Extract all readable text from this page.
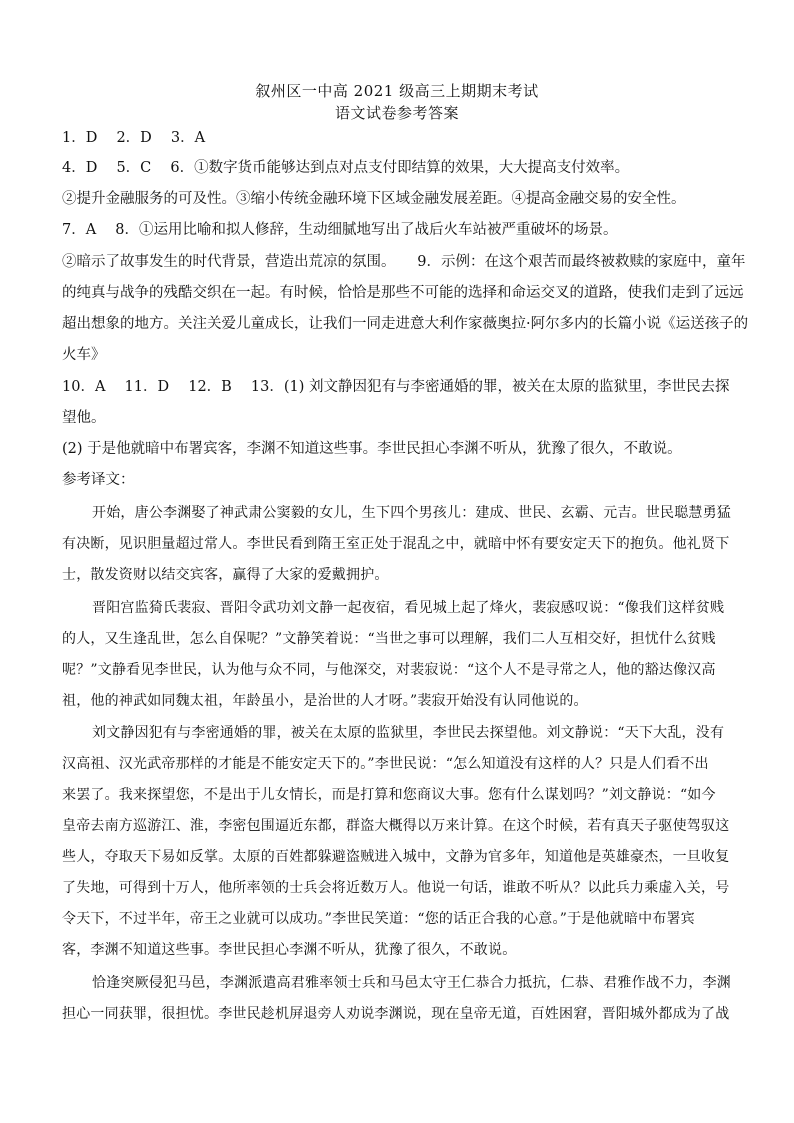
叙州区一中高 2021 级高三上期期末考试
语文试卷参考答案
1．D　 2．D　 3．A
4．D　 5．C　 6．①数字货币能够达到点对点支付即结算的效果，大大提高支付效率。
②提升金融服务的可及性。③缩小传统金融环境下区域金融发展差距。④提高金融交易的安全性。
7．A　 8．①运用比喻和拟人修辞，生动细腻地写出了战后火车站被严重破坏的场景。
②暗示了故事发生的时代背景，营造出荒凉的氛围。　　9．示例：在这个艰苦而最终被救赎的家庭中，童年
的纯真与战争的残酷交织在一起。有时候，恰恰是那些不可能的选择和命运交叉的道路，使我们走到了远远
超出想象的地方。关注关爱儿童成长，让我们一同走进意大利作家薇奥拉·阿尔多内的长篇小说《运送孩子的
火车》
10．A　 11．D　 12．B　 13．(1) 刘文静因犯有与李密通婚的罪，被关在太原的监狱里，李世民去探
望他。
(2) 于是他就暗中布署宾客，李渊不知道这些事。李世民担心李渊不听从，犹豫了很久，不敢说。
参考译文：
开始，唐公李渊娶了神武肃公窦毅的女儿，生下四个男孩儿：建成、世民、玄霸、元吉。世民聪慧勇猛
有决断，见识胆量超过常人。李世民看到隋王室正处于混乱之中，就暗中怀有要安定天下的抱负。他礼贤下
士，散发资财以结交宾客，赢得了大家的爱戴拥护。
晋阳宫监猗氏裴寂、晋阳令武功刘文静一起夜宿，看见城上起了烽火，裴寂感叹说：“像我们这样贫贱
的人，又生逢乱世，怎么自保呢？”文静笑着说：“当世之事可以理解，我们二人互相交好，担忧什么贫贱
呢？”文静看见李世民，认为他与众不同，与他深交，对裴寂说：“这个人不是寻常之人，他的豁达像汉高
祖，他的神武如同魏太祖，年龄虽小，是治世的人才呀。”裴寂开始没有认同他说的。
刘文静因犯有与李密通婚的罪，被关在太原的监狱里，李世民去探望他。刘文静说：“天下大乱，没有
汉高祖、汉光武帝那样的才能是不能安定天下的。”李世民说：“怎么知道没有这样的人？只是人们看不出
来罢了。我来探望您，不是出于儿女情长，而是打算和您商议大事。您有什么谋划吗？”刘文静说：“如今
皇帝去南方巡游江、淮，李密包围逼近东都，群盗大概得以万来计算。在这个时候，若有真天子驱使驾驭这
些人，夺取天下易如反掌。太原的百姓都躲避盗贼进入城中，文静为官多年，知道他是英雄豪杰，一旦收复
了失地，可得到十万人，他所率领的士兵会将近数万人。他说一句话，谁敢不听从？以此兵力乘虚入关，号
令天下，不过半年，帝王之业就可以成功。”李世民笑道：“您的话正合我的心意。”于是他就暗中布署宾
客，李渊不知道这些事。李世民担心李渊不听从，犹豫了很久，不敢说。
恰逢突厥侵犯马邑，李渊派遣高君雅率领士兵和马邑太守王仁恭合力抵抗，仁恭、君雅作战不力，李渊
担心一同获罪，很担忧。李世民趁机屏退旁人劝说李渊说，现在皇帝无道，百姓困窘，晋阳城外都成为了战
